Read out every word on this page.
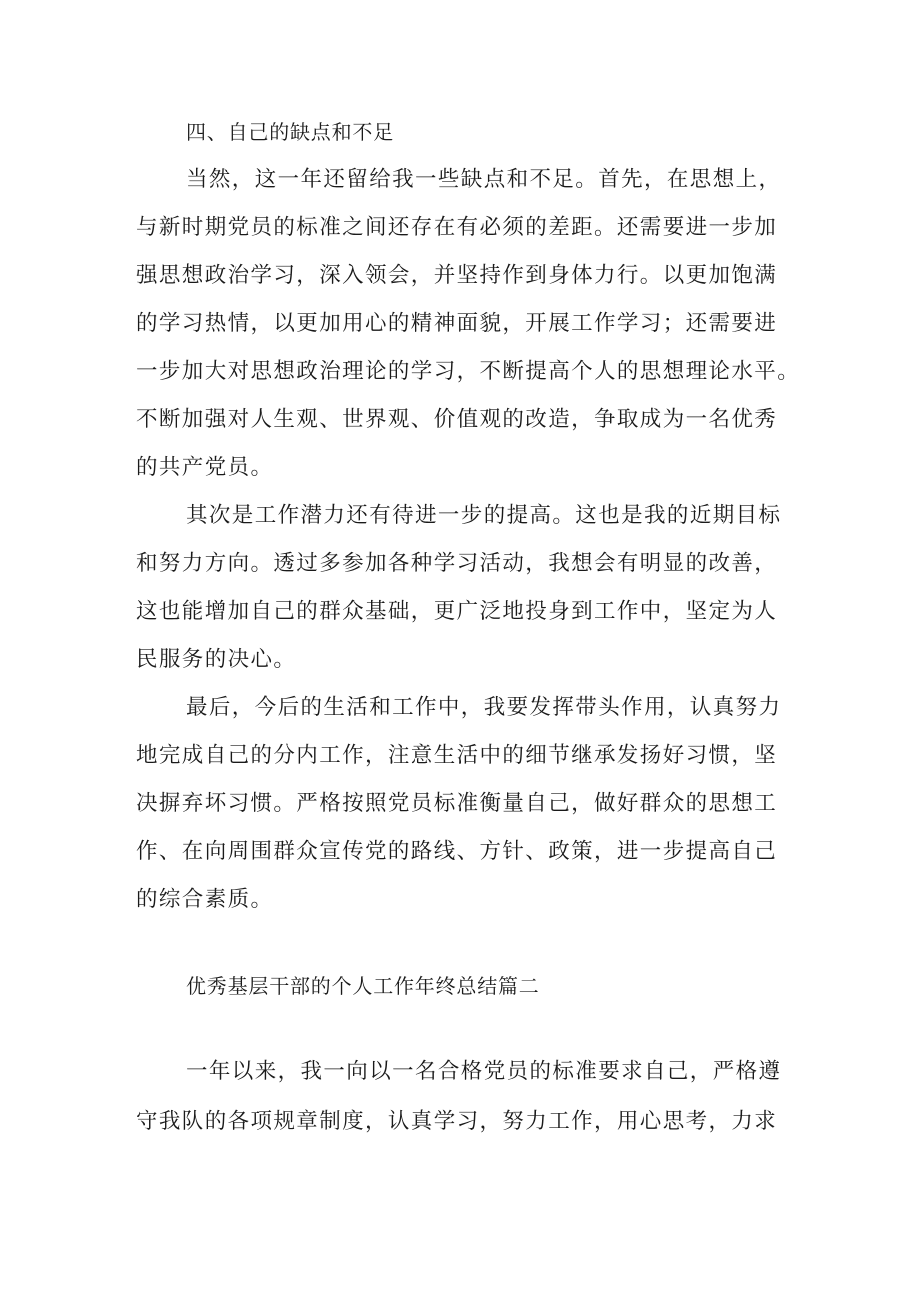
四、自己的缺点和不足
当然，这一年还留给我一些缺点和不足。首先，在思想上，
与新时期党员的标准之间还存在有必须的差距。还需要进一步加
强思想政治学习，深入领会，并坚持作到身体力行。以更加饱满
的学习热情，以更加用心的精神面貌，开展工作学习；还需要进
一步加大对思想政治理论的学习，不断提高个人的思想理论水平。
不断加强对人生观、世界观、价值观的改造，争取成为一名优秀
的共产党员。
其次是工作潜力还有待进一步的提高。这也是我的近期目标
和努力方向。透过多参加各种学习活动，我想会有明显的改善，
这也能增加自己的群众基础，更广泛地投身到工作中，坚定为人
民服务的决心。
最后，今后的生活和工作中，我要发挥带头作用，认真努力
地完成自己的分内工作，注意生活中的细节继承发扬好习惯，坚
决摒弃坏习惯。严格按照党员标准衡量自己，做好群众的思想工
作、在向周围群众宣传党的路线、方针、政策，进一步提高自己
的综合素质。
优秀基层干部的个人工作年终总结篇二
一年以来，我一向以一名合格党员的标准要求自己，严格遵
守我队的各项规章制度，认真学习，努力工作，用心思考，力求
